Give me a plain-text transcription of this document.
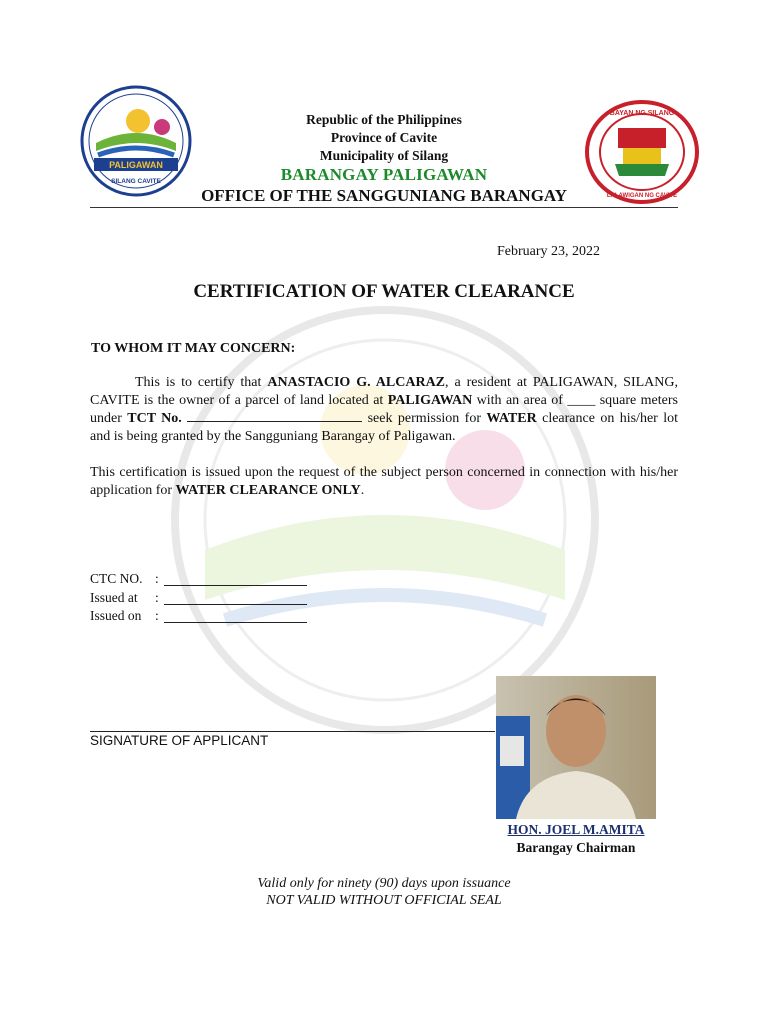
PALIGAWAN
SILANG CAVITE
BAYAN NG SILANG
LALAWIGAN NG CAVITE
Republic of the Philippines
Province of Cavite
Municipality of Silang
BARANGAY PALIGAWAN
OFFICE OF THE SANGGUNIANG BARANGAY
February 23, 2022
CERTIFICATION OF WATER CLEARANCE
TO WHOM IT MAY CONCERN:
This is to certify that ANASTACIO G. ALCARAZ, a resident at PALIGAWAN, SILANG, CAVITE is the owner of a parcel of land located at PALIGAWAN with an area of ____ square meters under TCT No.	seek permission for WATER clearance on his/her lot and is being granted by the Sangguniang Barangay of Paligawan.
This certification is issued upon the request of the subject person concerned in connection with his/her application for WATER CLEARANCE ONLY.
CTC NO. :
Issued at :
Issued on :
SIGNATURE OF APPLICANT
HON. JOEL M.AMITA
Barangay Chairman
Valid only for ninety (90) days upon issuance
NOT VALID WITHOUT OFFICIAL SEAL
